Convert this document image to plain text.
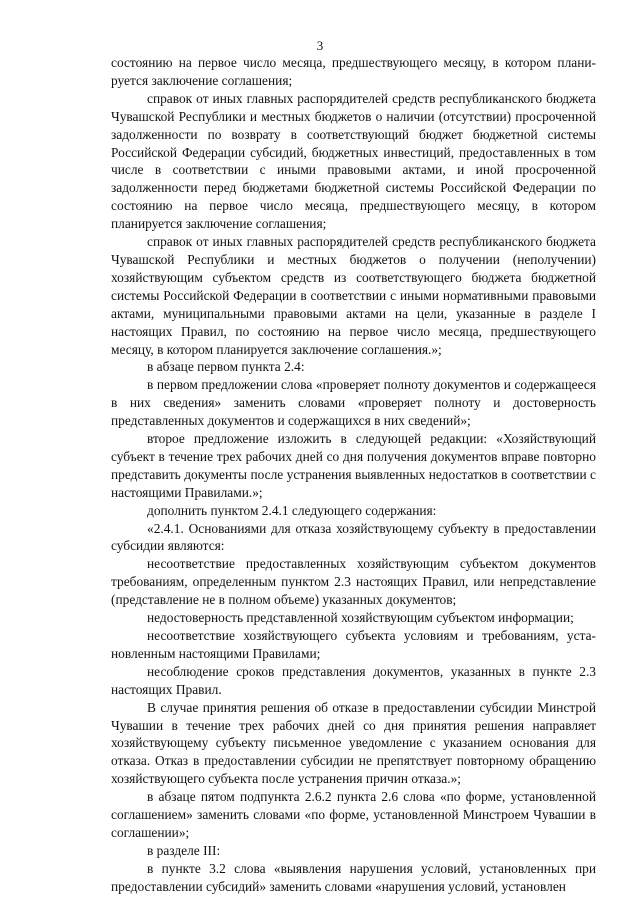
3

состоянию на первое число месяца, предшествующего месяцу, в котором планируется заключение соглашения;

справок от иных главных распорядителей средств республиканского бюджета Чувашской Республики и местных бюджетов о наличии (отсутствии) просроченной задолженности по возврату в соответствующий бюджет бюджетной системы Российской Федерации субсидий, бюджетных инвестиций, предоставленных в том числе в соответствии с иными правовыми актами, и иной просроченной задолженности перед бюджетами бюджетной системы Российской Федерации по состоянию на первое число месяца, предшествующего месяцу, в котором планируется заключение соглашения;

справок от иных главных распорядителей средств республиканского бюджета Чувашской Республики и местных бюджетов о получении (неполучении) хозяйствующим субъектом средств из соответствующего бюджета бюджетной системы Российской Федерации в соответствии с иными нормативными правовыми актами, муниципальными правовыми актами на цели, указанные в разделе I настоящих Правил, по состоянию на первое число месяца, предшествующего месяцу, в котором планируется заключение соглашения.»;

в абзаце первом пункта 2.4:

в первом предложении слова «проверяет полноту документов и содержащееся в них сведения» заменить словами «проверяет полноту и достоверность представленных документов и содержащихся в них сведений»;

второе предложение изложить в следующей редакции: «Хозяйствующий субъект в течение трех рабочих дней со дня получения документов вправе повторно представить документы после устранения выявленных недостатков в соответствии с настоящими Правилами.»;

дополнить пунктом 2.4.1 следующего содержания:

«2.4.1. Основаниями для отказа хозяйствующему субъекту в предоставлении субсидии являются:

несоответствие предоставленных хозяйствующим субъектом документов требованиям, определенным пунктом 2.3 настоящих Правил, или непредставление (представление не в полном объеме) указанных документов;

недостоверность представленной хозяйствующим субъектом информации;

несоответствие хозяйствующего субъекта условиям и требованиям, установленным настоящими Правилами;

несоблюдение сроков представления документов, указанных в пункте 2.3 настоящих Правил.

В случае принятия решения об отказе в предоставлении субсидии Минстрой Чувашии в течение трех рабочих дней со дня принятия решения направляет хозяйствующему субъекту письменное уведомление с указанием основания для отказа. Отказ в предоставлении субсидии не препятствует повторному обращению хозяйствующего субъекта после устранения причин отказа.»;

в абзаце пятом подпункта 2.6.2 пункта 2.6 слова «по форме, установленной соглашением» заменить словами «по форме, установленной Минстроем Чувашии в соглашении»;

в разделе III:

в пункте 3.2 слова «выявления нарушения условий, установленных при предоставлении субсидий» заменить словами «нарушения условий, установлен
